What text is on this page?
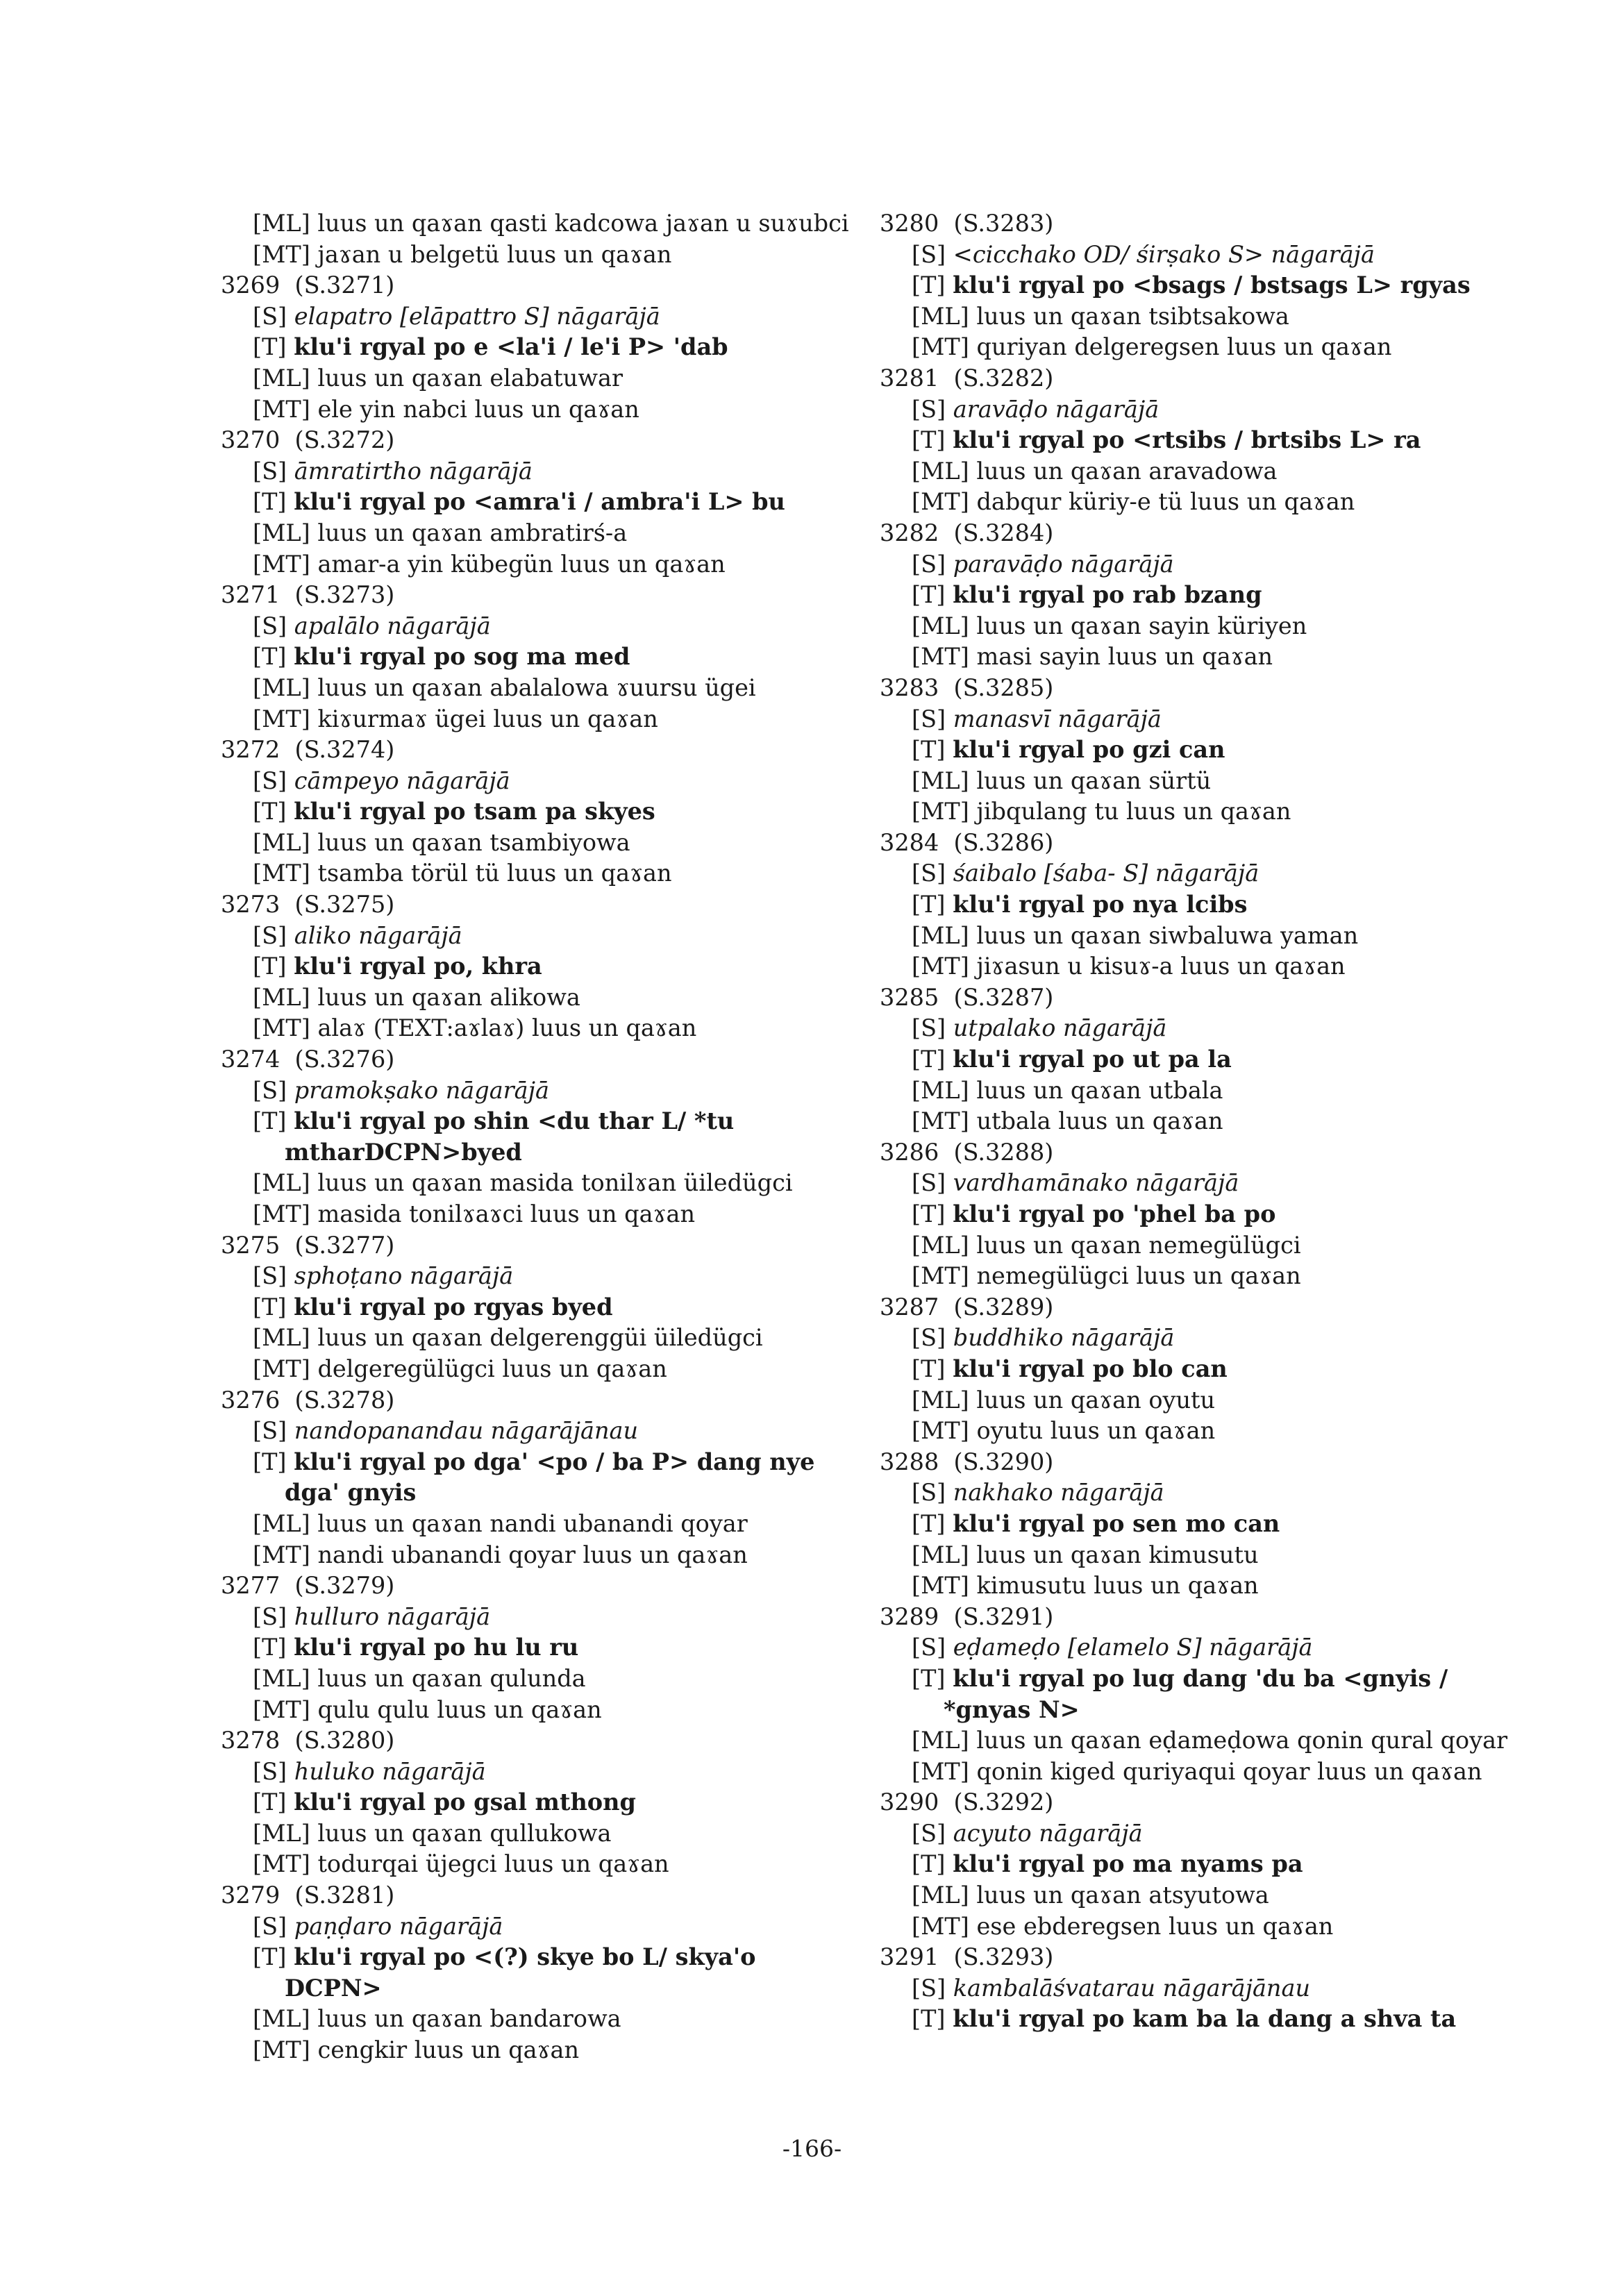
[ML] luus un qaɤan qasti kadcowa jaɤan u suɤubci
[MT] jaɤan u belgetü luus un qaɤan
3269  (S.3271)
[S] elapatro [elāpattro S] nāgarājā
[T] klu'i rgyal po e <la'i / le'i P> 'dab
[ML] luus un qaɤan elabatuwar
[MT] ele yin nabci luus un qaɤan
3270  (S.3272)
[S] āmratirtho nāgarājā
[T] klu'i rgyal po <amra'i / ambra'i L> bu
[ML] luus un qaɤan ambratirś-a
[MT] amar-a yin kübegün luus un qaɤan
3271  (S.3273)
[S] apalālo nāgarājā
[T] klu'i rgyal po sog ma med
[ML] luus un qaɤan abalalowa ɤuursu ügei
[MT] kiɤurmaɤ ügei luus un qaɤan
3272  (S.3274)
[S] cāmpeyo nāgarājā
[T] klu'i rgyal po tsam pa skyes
[ML] luus un qaɤan tsambiyowa
[MT] tsamba törül tü luus un qaɤan
3273  (S.3275)
[S] aliko nāgarājā
[T] klu'i rgyal po, khra
[ML] luus un qaɤan alikowa
[MT] alaɤ (TEXT:aɤlaɤ) luus un qaɤan
3274  (S.3276)
[S] pramokṣako nāgarājā
[T] klu'i rgyal po shin <du thar L/ *tu mtharDCPN>byed
[ML] luus un qaɤan masida tonilɤan üiledügci
[MT] masida tonilɤaɤci luus un qaɤan
3275  (S.3277)
[S] sphoṭano nāgarājā
[T] klu'i rgyal po rgyas byed
[ML] luus un qaɤan delgerenggüi üiledügci
[MT] delgeregülügci luus un qaɤan
3276  (S.3278)
[S] nandopanandau nāgarājānau
[T] klu'i rgyal po dga' <po / ba P> dang nye dga' gnyis
[ML] luus un qaɤan nandi ubanandi qoyar
[MT] nandi ubanandi qoyar luus un qaɤan
3277  (S.3279)
[S] hulluro nāgarājā
[T] klu'i rgyal po hu lu ru
[ML] luus un qaɤan qulunda
[MT] qulu qulu luus un qaɤan
3278  (S.3280)
[S] huluko nāgarājā
[T] klu'i rgyal po gsal mthong
[ML] luus un qaɤan qullukowa
[MT] todurqai üjegci luus un qaɤan
3279  (S.3281)
[S] paṇḍaro nāgarājā
[T] klu'i rgyal po <(?) skye bo L/ skya'o DCPN>
[ML] luus un qaɤan bandarowa
[MT] cengkir luus un qaɤan
3280  (S.3283)
[S] <cicchako OD/ śirṣako S> nāgarājā
[T] klu'i rgyal po <bsags / bstsags L> rgyas
[ML] luus un qaɤan tsibtsakowa
[MT] quriyan delgeregsen luus un qaɤan
3281  (S.3282)
[S] aravāḍo nāgarājā
[T] klu'i rgyal po <rtsibs / brtsibs L> ra
[ML] luus un qaɤan aravadowa
[MT] dabqur küriy-e tü luus un qaɤan
3282  (S.3284)
[S] paravāḍo nāgarājā
[T] klu'i rgyal po rab bzang
[ML] luus un qaɤan sayin küriyen
[MT] masi sayin luus un qaɤan
3283  (S.3285)
[S] manasvī nāgarājā
[T] klu'i rgyal po gzi can
[ML] luus un qaɤan sürtü
[MT] jibqulang tu luus un qaɤan
3284  (S.3286)
[S] śaibalo [śaba- S] nāgarājā
[T] klu'i rgyal po nya lcibs
[ML] luus un qaɤan siwbaluwa yaman
[MT] jiɤasun u kisuɤ-a luus un qaɤan
3285  (S.3287)
[S] utpalako nāgarājā
[T] klu'i rgyal po ut pa la
[ML] luus un qaɤan utbala
[MT] utbala luus un qaɤan
3286  (S.3288)
[S] vardhamānako nāgarājā
[T] klu'i rgyal po 'phel ba po
[ML] luus un qaɤan nemegülügci
[MT] nemegülügci luus un qaɤan
3287  (S.3289)
[S] buddhiko nāgarājā
[T] klu'i rgyal po blo can
[ML] luus un qaɤan oyutu
[MT] oyutu luus un qaɤan
3288  (S.3290)
[S] nakhako nāgarājā
[T] klu'i rgyal po sen mo can
[ML] luus un qaɤan kimusutu
[MT] kimusutu luus un qaɤan
3289  (S.3291)
[S] eḍameḍo [elamelo S] nāgarājā
[T] klu'i rgyal po lug dang 'du ba <gnyis / *gnyas N>
[ML] luus un qaɤan eḍameḍowa qonin qural qoyar
[MT] qonin kiged quriyaqui qoyar luus un qaɤan
3290  (S.3292)
[S] acyuto nāgarājā
[T] klu'i rgyal po ma nyams pa
[ML] luus un qaɤan atsyutowa
[MT] ese ebderegsen luus un qaɤan
3291  (S.3293)
[S] kambalāśvatarau nāgarājānau
[T] klu'i rgyal po kam ba la dang a shva ta
-166-
